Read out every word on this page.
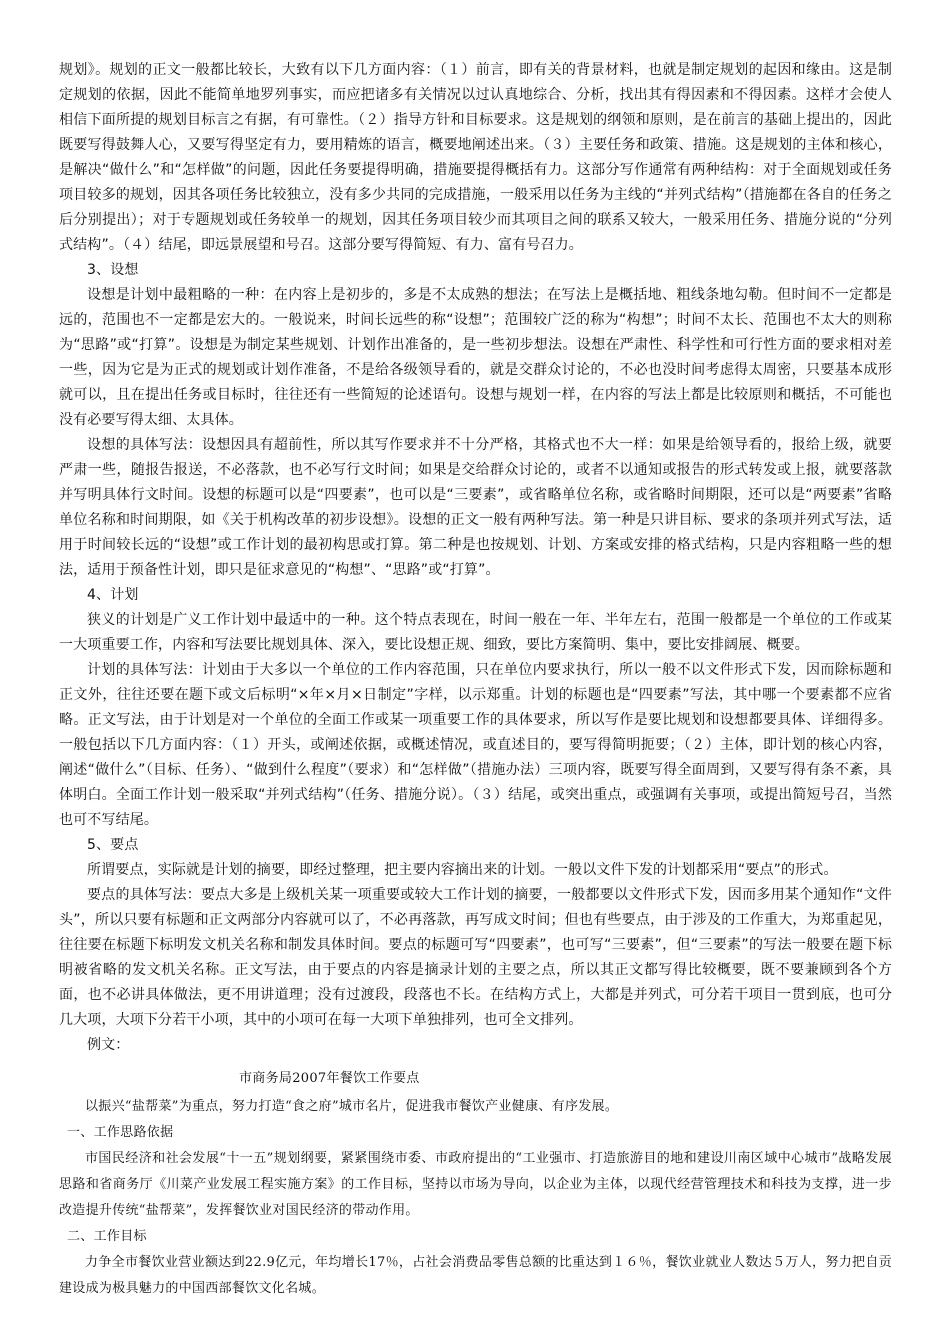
规划》。规划的正文一般都比较长，大致有以下几方面内容：（１）前言，即有关的背景材料，也就是制定规划的起因和缘由。这是制定规划的依据，因此不能简单地罗列事实，而应把诸多有关情况以过认真地综合、分析，找出其有得因素和不得因素。这样才会使人相信下面所提的规划目标言之有据，有可靠性。（２）指导方针和目标要求。这是规划的纲领和原则，是在前言的基础上提出的，因此既要写得鼓舞人心，又要写得坚定有力，要用精炼的语言，概要地阐述出来。（３）主要任务和政策、措施。这是规划的主体和核心，是解决“做什么”和“怎样做”的问题，因此任务要提得明确，措施要提得概括有力。这部分写作通常有两种结构：对于全面规划或任务项目较多的规划，因其各项任务比较独立，没有多少共同的完成措施，一般采用以任务为主线的“并列式结构”（措施都在各自的任务之后分别提出）；对于专题规划或任务较单一的规划，因其任务项目较少而其项目之间的联系又较大，一般采用任务、措施分说的“分列式结构”。（４）结尾，即远景展望和号召。这部分要写得简短、有力、富有号召力。

3、设想

设想是计划中最粗略的一种：在内容上是初步的，多是不太成熟的想法；在写法上是概括地、粗线条地勾勒。但时间不一定都是远的，范围也不一定都是宏大的。一般说来，时间长远些的称“设想”；范围较广泛的称为“构想”；时间不太长、范围也不太大的则称为“思路”或“打算”。设想是为制定某些规划、计划作出准备的，是一些初步想法。设想在严肃性、科学性和可行性方面的要求相对差一些，因为它是为正式的规划或计划作准备，不是给各级领导看的，就是交群众讨论的，不必也没时间考虑得太周密，只要基本成形就可以，且在提出任务或目标时，往往还有一些简短的论述语句。设想与规划一样，在内容的写法上都是比较原则和概括，不可能也没有必要写得太细、太具体。

设想的具体写法：设想因具有超前性，所以其写作要求并不十分严格，其格式也不大一样：如果是给领导看的，报给上级，就要严肃一些，随报告报送，不必落款，也不必写行文时间；如果是交给群众讨论的，或者不以通知或报告的形式转发或上报，就要落款并写明具体行文时间。设想的标题可以是“四要素”，也可以是“三要素”，或省略单位名称，或省略时间期限，还可以是“两要素”省略单位名称和时间期限，如《关于机构改革的初步设想》。设想的正文一般有两种写法。第一种是只讲目标、要求的条项并列式写法，适用于时间较长远的“设想”或工作计划的最初构思或打算。第二种是也按规划、计划、方案或安排的格式结构，只是内容粗略一些的想法，适用于预备性计划，即只是征求意见的“构想”、“思路”或“打算”。

4、计划

狭义的计划是广义工作计划中最适中的一种。这个特点表现在，时间一般在一年、半年左右，范围一般都是一个单位的工作或某一大项重要工作，内容和写法要比规划具体、深入，要比设想正规、细致，要比方案简明、集中，要比安排阔展、概要。

计划的具体写法：计划由于大多以一个单位的工作内容范围，只在单位内要求执行，所以一般不以文件形式下发，因而除标题和正文外，往往还要在题下或文后标明“×年×月×日制定”字样，以示郑重。计划的标题也是“四要素”写法，其中哪一个要素都不应省略。正文写法，由于计划是对一个单位的全面工作或某一项重要工作的具体要求，所以写作是要比规划和设想都要具体、详细得多。一般包括以下几方面内容：（１）开头，或阐述依据，或概述情况，或直述目的，要写得简明扼要；（２）主体，即计划的核心内容，阐述“做什么”（目标、任务）、“做到什么程度”（要求）和“怎样做”（措施办法）三项内容，既要写得全面周到，又要写得有条不紊，具体明白。全面工作计划一般采取“并列式结构”（任务、措施分说）。（３）结尾，或突出重点，或强调有关事项，或提出简短号召，当然也可不写结尾。

5、要点

所谓要点，实际就是计划的摘要，即经过整理，把主要内容摘出来的计划。一般以文件下发的计划都采用“要点”的形式。

要点的具体写法：要点大多是上级机关某一项重要或较大工作计划的摘要，一般都要以文件形式下发，因而多用某个通知作“文件头”，所以只要有标题和正文两部分内容就可以了，不必再落款，再写成文时间；但也有些要点，由于涉及的工作重大，为郑重起见，往往要在标题下标明发文机关名称和制发具体时间。要点的标题可写“四要素”，也可写“三要素”，但“三要素”的写法一般要在题下标明被省略的发文机关名称。正文写法，由于要点的内容是摘录计划的主要之点，所以其正文都写得比较概要，既不要兼顾到各个方面，也不必讲具体做法，更不用讲道理；没有过渡段，段落也不长。在结构方式上，大都是并列式，可分若干项目一贯到底，也可分几大项，大项下分若干小项，其中的小项可在每一大项下单独排列，也可全文排列。

例文：

市商务局2007年餐饮工作要点

以振兴“盐帮菜”为重点，努力打造“食之府”城市名片，促进我市餐饮产业健康、有序发展。

一、工作思路依据

市国民经济和社会发展“十一五”规划纲要，紧紧围绕市委、市政府提出的“工业强市、打造旅游目的地和建设川南区域中心城市”战略发展思路和省商务厅《川菜产业发展工程实施方案》的工作目标，坚持以市场为导向，以企业为主体，以现代经营管理技术和科技为支撑，进一步改造提升传统“盐帮菜”，发挥餐饮业对国民经济的带动作用。

二、工作目标

力争全市餐饮业营业额达到22.9亿元，年均增长17％，占社会消费品零售总额的比重达到１６％，餐饮业就业人数达５万人，努力把自贡建设成为极具魅力的中国西部餐饮文化名城。
